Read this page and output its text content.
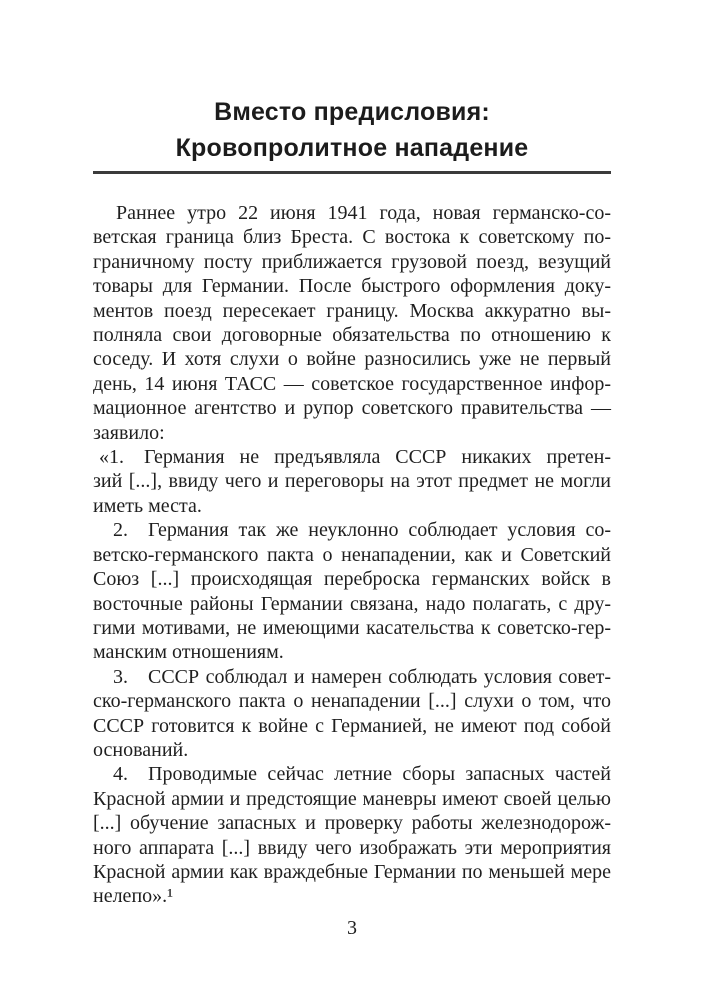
Вместо предисловия:
Кровопролитное нападение
Раннее утро 22 июня 1941 года, новая германско-со-
ветская граница близ Бреста. С востока к советскому по-
граничному посту приближается грузовой поезд, везущий
товары для Германии. После быстрого оформления доку-
ментов поезд пересекает границу. Москва аккуратно вы-
полняла свои договорные обязательства по отношению к
соседу. И хотя слухи о войне разносились уже не первый
день, 14 июня ТАСС — советское государственное инфор-
мационное агентство и рупор советского правительства —
заявило:
«1. Германия не предъявляла СССР никаких претен-
зий [...], ввиду чего и переговоры на этот предмет не могли
иметь места.
2. Германия так же неуклонно соблюдает условия со-
ветско-германского пакта о ненападении, как и Советский
Союз [...] происходящая переброска германских войск в
восточные районы Германии связана, надо полагать, с дру-
гими мотивами, не имеющими касательства к советско-гер-
манским отношениям.
3. СССР соблюдал и намерен соблюдать условия совет-
ско-германского пакта о ненападении [...] слухи о том, что
СССР готовится к войне с Германией, не имеют под собой
оснований.
4. Проводимые сейчас летние сборы запасных частей
Красной армии и предстоящие маневры имеют своей целью
[...] обучение запасных и проверку работы железнодорож-
ного аппарата [...] ввиду чего изображать эти мероприятия
Красной армии как враждебные Германии по меньшей мере
нелепо».¹
3
